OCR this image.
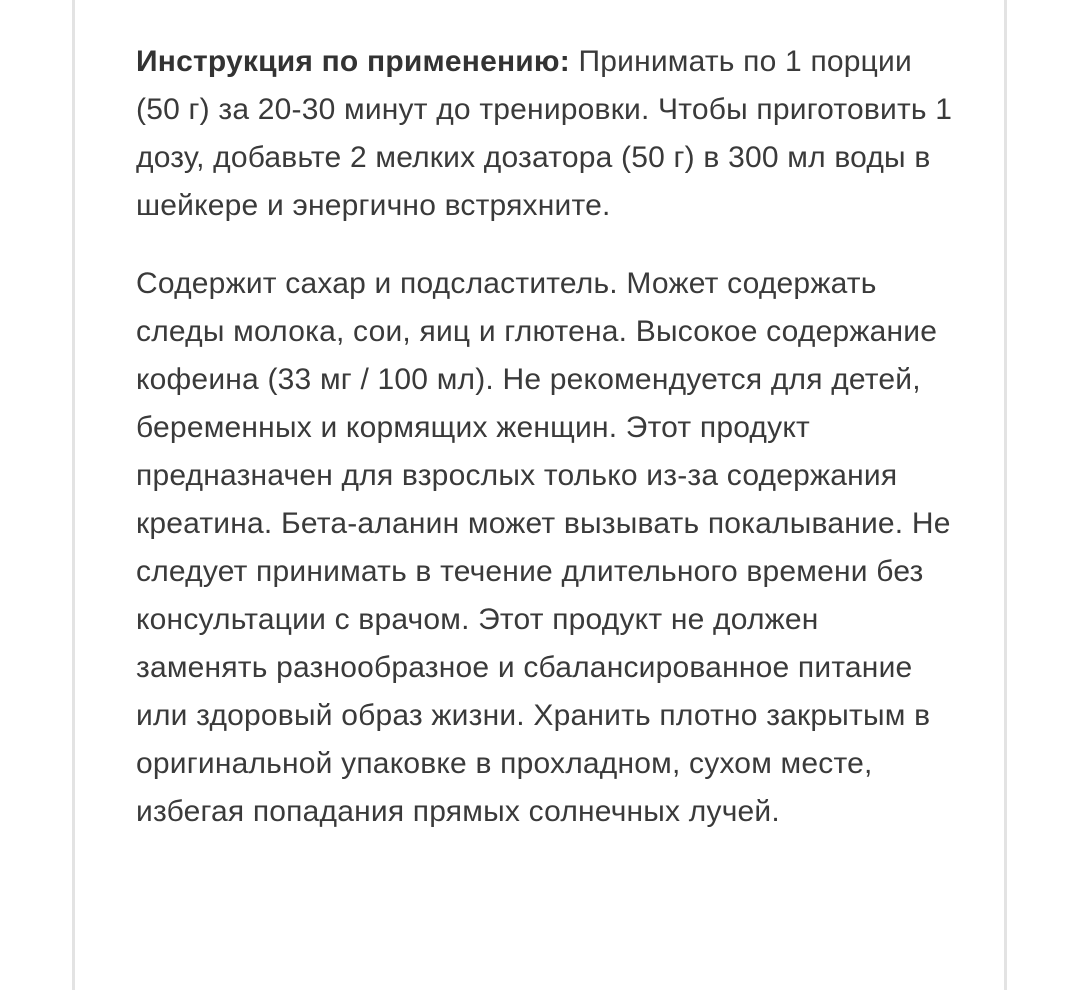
Инструкция по применению: Принимать по 1 порции (50 г) за 20-30 минут до тренировки. Чтобы приготовить 1 дозу, добавьте 2 мелких дозатора (50 г) в 300 мл воды в шейкере и энергично встряхните.

Содержит сахар и подсластитель. Может содержать следы молока, сои, яиц и глютена. Высокое содержание кофеина (33 мг / 100 мл). Не рекомендуется для детей, беременных и кормящих женщин. Этот продукт предназначен для взрослых только из-за содержания креатина. Бета-аланин может вызывать покалывание. Не следует принимать в течение длительного времени без консультации с врачом. Этот продукт не должен заменять разнообразное и сбалансированное питание или здоровый образ жизни. Хранить плотно закрытым в оригинальной упаковке в прохладном, сухом месте, избегая попадания прямых солнечных лучей.
